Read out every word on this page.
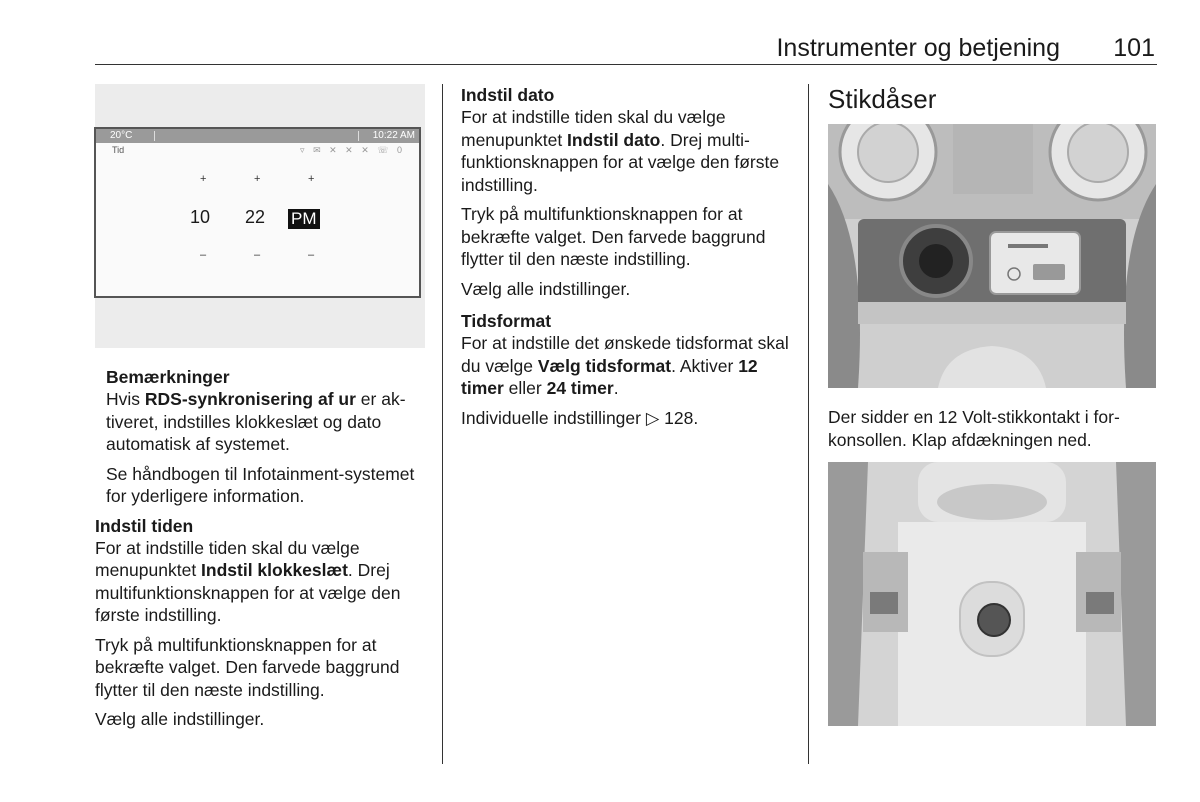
Instrumenter og betjening	101
20°C	10:22 AM
Tid	▿ ✉ ✕ ✕ ✕ ☏ 0
+	+	+
10 22 PM
–	–	–
Bemærkninger

Hvis RDS-synkronisering af ur er aktiveret, indstilles klokkeslæt og dato automatisk af systemet.

Se håndbogen til Infotainment-systemet for yderligere information.

Indstil tiden

For at indstille tiden skal du vælge menupunktet Indstil klokkeslæt. Drej multifunktionsknappen for at vælge den første indstilling.

Tryk på multifunktionsknappen for at bekræfte valget. Den farvede baggrund flytter til den næste indstilling.

Vælg alle indstillinger.

Indstil dato

For at indstille tiden skal du vælge menupunktet Indstil dato. Drej multifunktionsknappen for at vælge den første indstilling.

Tryk på multifunktionsknappen for at bekræfte valget. Den farvede baggrund flytter til den næste indstilling.

Vælg alle indstillinger.

Tidsformat

For at indstille det ønskede tidsformat skal du vælge Vælg tidsformat. Aktiver 12 timer eller 24 timer.

Individuelle indstillinger ▷ 128.

Stikdåser

Der sidder en 12 Volt-stikkontakt i forkonsollen. Klap afdækningen ned.
